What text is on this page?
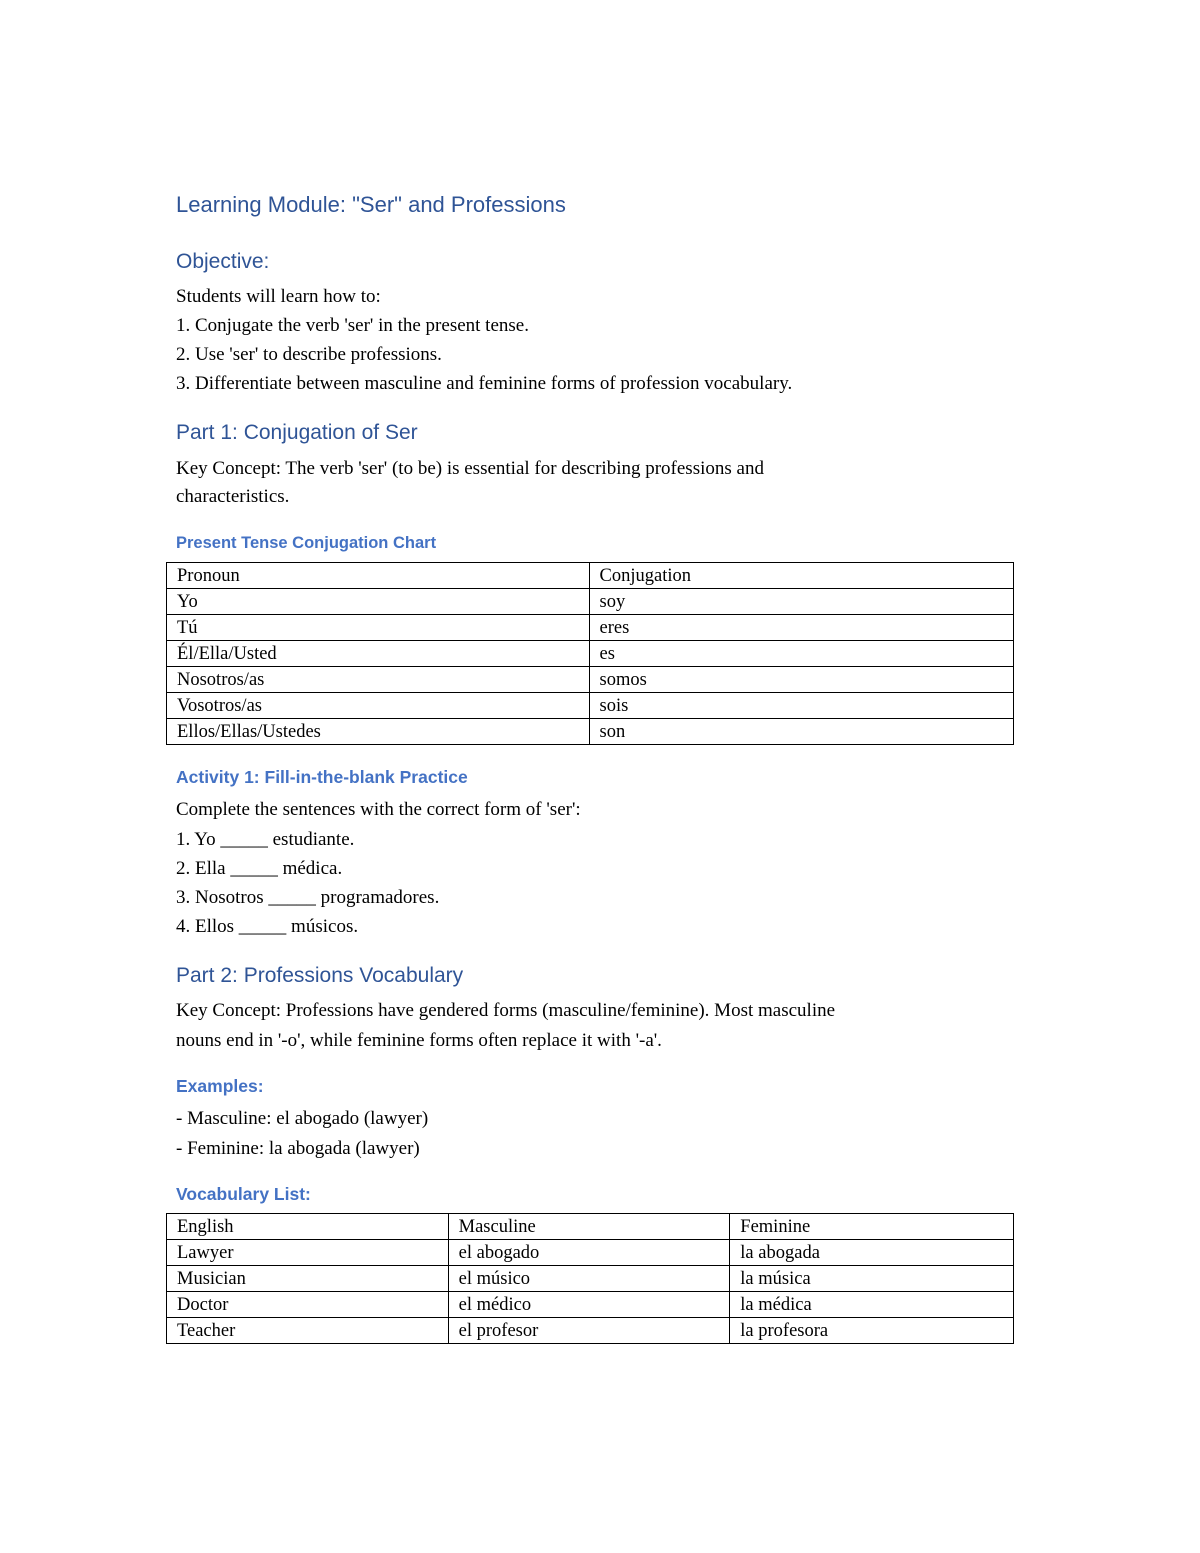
Learning Module: "Ser" and Professions
Objective:
Students will learn how to:
1. Conjugate the verb 'ser' in the present tense.
2. Use 'ser' to describe professions.
3. Differentiate between masculine and feminine forms of profession vocabulary.
Part 1: Conjugation of Ser
Key Concept: The verb 'ser' (to be) is essential for describing professions and
characteristics.
Present Tense Conjugation Chart
Pronoun	Conjugation
Yo	soy
Tú	eres
Él/Ella/Usted	es
Nosotros/as	somos
Vosotros/as	sois
Ellos/Ellas/Ustedes	son
Activity 1: Fill-in-the-blank Practice
Complete the sentences with the correct form of 'ser':
1. Yo _____ estudiante.
2. Ella _____ médica.
3. Nosotros _____ programadores.
4. Ellos _____ músicos.
Part 2: Professions Vocabulary
Key Concept: Professions have gendered forms (masculine/feminine). Most masculine
nouns end in '-o', while feminine forms often replace it with '-a'.
Examples:
- Masculine: el abogado (lawyer)
- Feminine: la abogada (lawyer)
Vocabulary List:
English	Masculine	Feminine
Lawyer	el abogado	la abogada
Musician	el músico	la música
Doctor	el médico	la médica
Teacher	el profesor	la profesora
